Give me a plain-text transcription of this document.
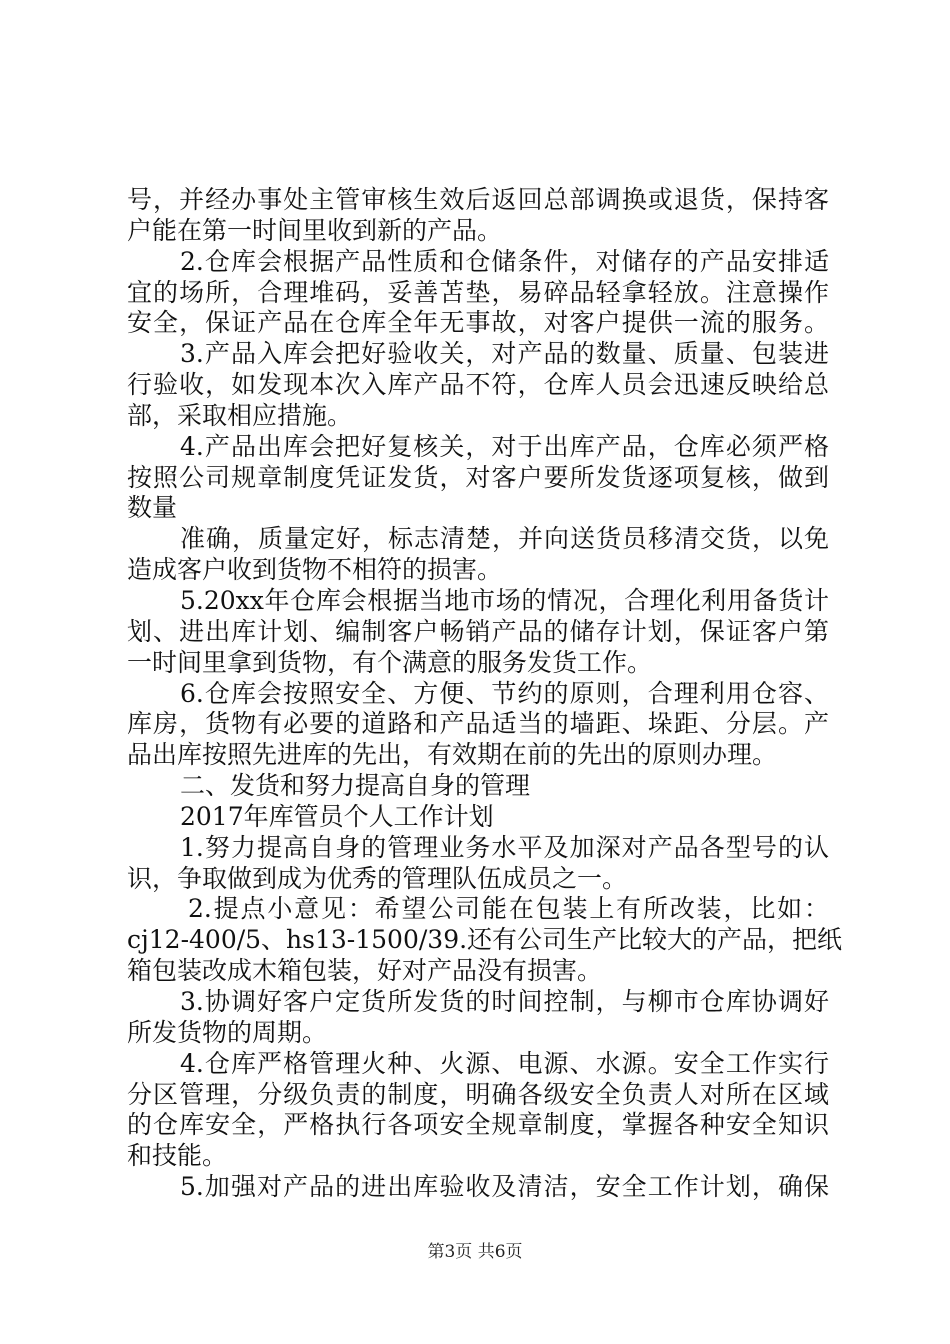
号，并经办事处主管审核生效后返回总部调换或退货，保持客
户能在第一时间里收到新的产品。
2.仓库会根据产品性质和仓储条件，对储存的产品安排适
宜的场所，合理堆码，妥善苫垫，易碎品轻拿轻放。注意操作
安全，保证产品在仓库全年无事故，对客户提供一流的服务。
3.产品入库会把好验收关，对产品的数量、质量、包装进
行验收，如发现本次入库产品不符，仓库人员会迅速反映给总
部，采取相应措施。
4.产品出库会把好复核关，对于出库产品，仓库必须严格
按照公司规章制度凭证发货，对客户要所发货逐项复核，做到
数量
准确，质量定好，标志清楚，并向送货员移清交货，以免
造成客户收到货物不相符的损害。
5.20xx年仓库会根据当地市场的情况，合理化利用备货计
划、进出库计划、编制客户畅销产品的储存计划，保证客户第
一时间里拿到货物，有个满意的服务发货工作。
6.仓库会按照安全、方便、节约的原则，合理利用仓容、
库房，货物有必要的道路和产品适当的墙距、垛距、分层。产
品出库按照先进库的先出，有效期在前的先出的原则办理。
二、发货和努力提高自身的管理
2017年库管员个人工作计划
1.努力提高自身的管理业务水平及加深对产品各型号的认
识，争取做到成为优秀的管理队伍成员之一。
2.提点小意见：希望公司能在包装上有所改装，比如：
cj12-400/5、hs13-1500/39.还有公司生产比较大的产品，把纸
箱包装改成木箱包装，好对产品没有损害。
3.协调好客户定货所发货的时间控制，与柳市仓库协调好
所发货物的周期。
4.仓库严格管理火种、火源、电源、水源。安全工作实行
分区管理，分级负责的制度，明确各级安全负责人对所在区域
的仓库安全，严格执行各项安全规章制度，掌握各种安全知识
和技能。
5.加强对产品的进出库验收及清洁，安全工作计划，确保
第3页 共6页
